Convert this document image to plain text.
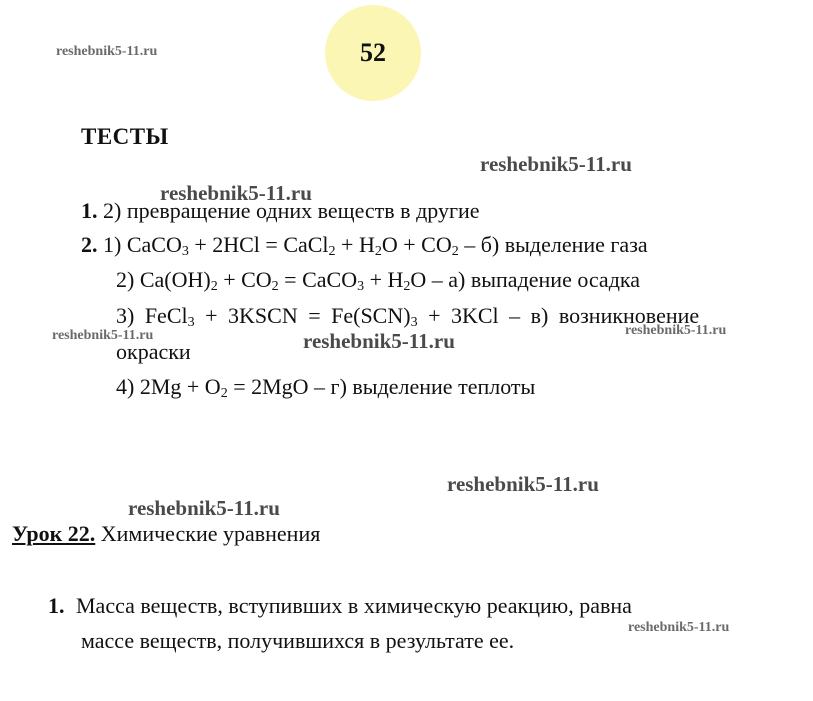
52
reshebnik5-11.ru
reshebnik5-11.ru
reshebnik5-11.ru
reshebnik5-11.ru	reshebnik5-11.ru	reshebnik5-11.ru
reshebnik5-11.ru
reshebnik5-11.ru
reshebnik5-11.ru
ТЕСТЫ
1. 2) превращение одних веществ в другие
2. 1) CaCO$_3$ + 2HCl = CaCl$_2$ + $H_2O + CO_2 - б$) выделение газа
2) $Ca(OH)_2 + CO_2$ = CaCO$_3$ + $H_2O - а$) выпадение осадка
3) FeCl$_3$ + 3KSCN = $Fe(SCN)_3 + 3KCl - в$) возникновение
окраски
4) $2Mg + O_2 = 2MgO - г$) выделение теплоты
Урок 22. Химические уравнения
1. Масса веществ, вступивших в химическую реакцию, равна
массе веществ, получившихся в результате ее.
